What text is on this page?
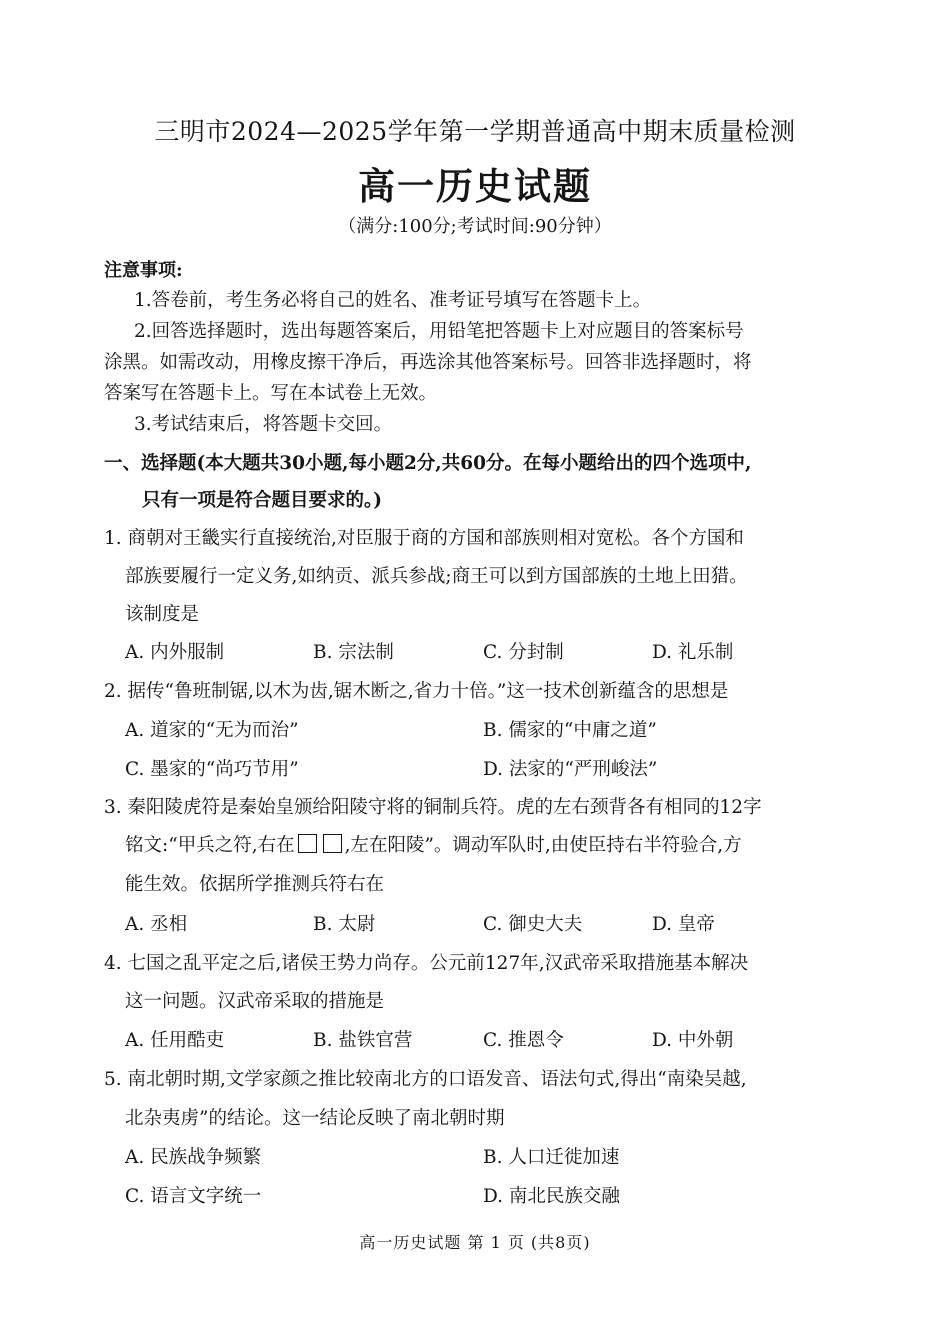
三明市2024—2025学年第一学期普通高中期末质量检测
高一历史试题
（满分:100分;考试时间:90分钟）
注意事项:
1.答卷前，考生务必将自己的姓名、准考证号填写在答题卡上。
2.回答选择题时，选出每题答案后，用铅笔把答题卡上对应题目的答案标号
涂黑。如需改动，用橡皮擦干净后，再选涂其他答案标号。回答非选择题时，将
答案写在答题卡上。写在本试卷上无效。
3.考试结束后，将答题卡交回。
一、选择题(本大题共30小题,每小题2分,共60分。在每小题给出的四个选项中,
只有一项是符合题目要求的。)
1. 商朝对王畿实行直接统治,对臣服于商的方国和部族则相对宽松。各个方国和
部族要履行一定义务,如纳贡、派兵参战;商王可以到方国部族的土地上田猎。
该制度是
A. 内外服制	B. 宗法制	C. 分封制	D. 礼乐制
2. 据传“鲁班制锯,以木为齿,锯木断之,省力十倍。”这一技术创新蕴含的思想是
A. 道家的“无为而治”	B. 儒家的“中庸之道”
C. 墨家的“尚巧节用”	D. 法家的“严刑峻法”
3. 秦阳陵虎符是秦始皇颁给阳陵守将的铜制兵符。虎的左右颈背各有相同的12字
铭文:“甲兵之符,右在	,左在阳陵”。调动军队时,由使臣持右半符验合,方
能生效。依据所学推测兵符右在
A. 丞相	B. 太尉	C. 御史大夫	D. 皇帝
4. 七国之乱平定之后,诸侯王势力尚存。公元前127年,汉武帝采取措施基本解决
这一问题。汉武帝采取的措施是
A. 任用酷吏	B. 盐铁官营	C. 推恩令	D. 中外朝
5. 南北朝时期,文学家颜之推比较南北方的口语发音、语法句式,得出“南染吴越,
北杂夷虏”的结论。这一结论反映了南北朝时期
A. 民族战争频繁	B. 人口迁徙加速
C. 语言文字统一	D. 南北民族交融
高一历史试题 第 1 页 (共8页)
